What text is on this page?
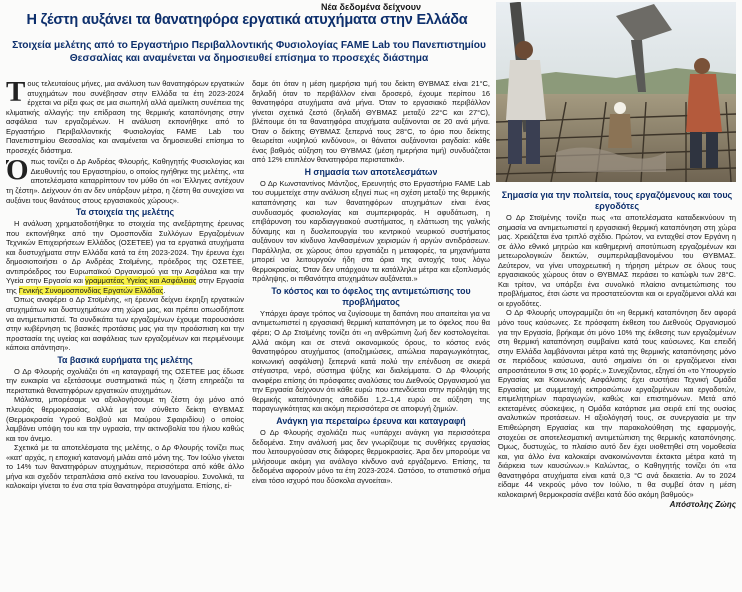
Νέα δεδομένα δείχνουν
Η ζέστη αυξάνει τα θανατηφόρα εργατικά ατυχήματα στην Ελλάδα
Στοιχεία μελέτης από το Εργαστήριο Περιβαλλοντικής Φυσιολογίας FAME Lab του Πανεπιστημίου Θεσσαλίας και αναμένεται να δημοσιευθεί επίσημα το προσεχές διάστημα

Τους τελευταίους μήνες, μια ανάλυση των θανατηφόρων εργατικών ατυχημάτων που συνέβησαν στην Ελλάδα τα έτη 2023-2024 έρχεται να ρίξει φως σε μια σιωπηλή αλλά αμείλικτη συνέπεια της κλιματικής αλλαγής: την επίδραση της θερμικής καταπόνησης στην ασφάλεια των εργαζομένων. Η ανάλυση εκπονήθηκε από το Εργαστήριο Περιβαλλοντικής Φυσιολογίας FAME Lab του Πανεπιστημίου Θεσσαλίας και αναμένεται να δημοσιευθεί επίσημα το προσεχές διάστημα.

Όπως τονίζει ο Δρ Ανδρέας Φλουρής, Καθηγητής Φυσιολογίας και Διευθυντής του Εργαστηρίου, ο οποίος ηγήθηκε της μελέτης, «τα αποτελέσματα καταρρίπτουν τον μύθο ότι «οι Έλληνες αντέχουν τη ζέστη». Δείχνουν ότι αν δεν υπάρξουν μέτρα, η ζέστη θα συνεχίσει να αυξάνει τους θανάτους στους εργασιακούς χώρους».

Τα στοιχεία της μελέτης

Η ανάλυση χρηματοδοτήθηκε το στοιχεία της ανεξάρτητης έρευνας που εκπονήθηκε από την Ομοσπονδία Συλλόγων Εργαζομένων Τεχνικών Επιχειρήσεων Ελλάδος (ΟΣΕΤΕΕ) για τα εργατικά ατυχήματα και δυστυχήματα στην Ελλάδα κατά τα έτη 2023-2024. Την έρευνα έχει δημοσιοποιήσει ο Δρ Ανδρέας Στοϊμένης, πρόεδρος της ΟΣΕΤΕΕ, αντιπρόεδρος του Ευρωπαϊκού Οργανισμού για την Ασφάλεια και την Υγεία στην Εργασία και γραμματέας Υγείας και Ασφάλειας στην Εργασία της Γενικής Συνομοσπονδίας Εργατών Ελλάδας.

Όπως αναφέρει ο Δρ Στοϊμένης, «η έρευνα δείχνει έκρηξη εργατικών ατυχημάτων και δυστυχημάτων στη χώρα μας, και πρέπει οπωσδήποτε να αντιμετωπιστεί. Τα συνδικάτα των εργαζομένων έχουμε παρουσιάσει στην κυβέρνηση τις βασικές προτάσεις μας για την προάσπιση και την προστασία της υγείας και ασφάλειας των εργαζομένων και περιμένουμε κάποια απάντηση».

Τα βασικά ευρήματα της μελέτης

Ο Δρ Φλουρής σχολιάζει ότι «η καταγραφή της ΟΣΕΤΕΕ μας έδωσε την ευκαιρία να εξετάσουμε συστηματικά πώς η ζέστη επηρεάζει τα περιστατικά θανατηφόρων εργατικών ατυχημάτων.

Μάλιστα, μπορέσαμε να αξιολογήσουμε τη ζέστη όχι μόνο από πλευράς θερμοκρασίας, αλλά με τον σύνθετο δείκτη ΘΥΒΜΑΣ (Θερμοκρασία Υγρού Βολβού και Μαύρου Σφαιριδίου) ο οποίος λαμβάνει υπόψη του και την υγρασία, την ακτινοβολία του ήλιου καθώς και τον άνεμο.

Σχετικά με τα αποτελέσματα της μελέτης, ο Δρ Φλουρής τονίζει πως «κατ' αρχάς, η εποχική κατανομή μιλάει από μόνη της. Τον Ιούλιο γίνεται το 14% των θανατηφόρων ατυχημάτων, περισσότερα από κάθε άλλο μήνα και σχεδόν τετραπλάσια από εκείνα του Ιανουαρίου. Συνολικά, τα καλοκαίρι γίνεται το ένα στα τρία θανατηφόρα ατυχήματα. Επίσης, εί-

δαμε ότι όταν η μέση ημερήσια τιμή του δείκτη ΘΥΒΜΑΣ είναι 21°C, δηλαδή όταν το περιβάλλον είναι δροσερό, έχουμε περίπου 16 θανατηφόρα ατυχήματα ανά μήνα. Όταν το εργασιακό περιβάλλον γίνεται σχετικά ζεστό (δηλαδή ΘΥΒΜΑΣ μεταξύ 22°C και 27°C), βλέπουμε ότι τα θανατηφόρα ατυχήματα αυξάνονται σε 20 ανά μήνα. Όταν ο δείκτης ΘΥΒΜΑΣ ξεπερνά τους 28°C, το όριο που δείκτης θεωρείται «υψηλού κινδύνου», οι θάνατοι αυξάνονται ραγδαία: κάθε ένας βαθμός αύξηση του ΘΥΒΜΑΣ (μέση ημερήσια τιμή) συνδυάζεται από 12% επιπλέον θανατηφόρα περιστατικά».

Η σημασία των αποτελεσμάτων

Ο Δρ Κωνσταντίνος Μάντζιος, Ερευνητής στο Εργαστήριο FAME Lab του συμμετείχε στην ανάλυση εξηγεί πως «η σχέση μεταξύ της θερμικής καταπόνησης και των θανατηφόρων ατυχημάτων είναι ένας συνδυασμός φυσιολογίας και συμπεριφοράς. Η αφυδάτωση, η επιβάρυνση του καρδιαγγειακού συστήματος, η ελάττωση της γαλκής δύναμης και η δυσλειτουργία του κεντρικού νευρικού συστήματος αυξάνουν τον κίνδυνο λανθασμένων χειρισμών ή αργών αντιδράσεων. Παράλληλα, σε χώρους όπου εργατιάζει η μεταφορές, τα μηχανήματα μπορεί να λειτουργούν ήδη στα όρια της αντοχής τους λόγω θερμοκρασίας. Όταν δεν υπάρχουν τα κατάλληλα μέτρα και εξοπλισμός πρόληψης, οι πιθανότητα ατυχημάτων αυξάνεται.»

Το κόστος και το όφελος της αντιμετώπισης του προβλήματος

Υπάρχει άραγε τρόπος να ζυγίσουμε τη δαπάνη που απαιτείται για να αντιμετωπιστεί η εργασιακή θερμική καταπόνηση με το όφελος που θα φέρει; Ο Δρ Στοϊμένης τονίζει ότι «η ανθρώπινη ζωή δεν κοστολογείται. Αλλά ακόμη και σε στενά οικονομικούς όρους, το κόστος ενός θανατηφόρου ατυχήματος (αποζημιώσεις, απώλεια παραγωγικότητας, κοινωνική ασφάλιση) ξεπερνά κατά πολύ την επένδυση σε σκιερά στέγαστρα, νερό, σύστημα ψύξης και διαλείμματα. Ο Δρ Φλουρής αναφέρει επίσης ότι πρόσφατες αναλύσεις του Διεθνούς Οργανισμού για την Εργασία δείχνουν ότι κάθε ευρώ που επενδύεται στην πρόληψη της θερμικής καταπόνησης αποδίδει 1,2–1,4 ευρώ σε αύξηση της παραγωγικότητας και ακόμη περισσότερα σε αποφυγή ζημιών.

Ανάγκη για περεταίρω έρευνα και καταγραφή

Ο Δρ Φλουρής σχολιάζει πως «υπάρχει ανάγκη για περισσότερα δεδομένα. Στην ανάλυσή μας δεν γνωρίζουμε τις συνθήκες εργασίας που λειτουργούσαν στις διάφορες θερμοκρασίες. Άρα δεν μπορούμε να μιλήσουμε ακόμη για ανάλογο κίνδυνο ανά εργάζομενο. Επίσης, τα δεδομένα αφορούν μόνο τα έτη 2023-2024. Ωστόσο, το στατιστικό σήμα είναι τόσο ισχυρό που δύσκολα αγνοείται».

Σημασία για την πολιτεία, τους εργαζόμενους και τους εργοδότες

Ο Δρ Στοϊμένης τονίζει πως «τα αποτελέσματα καταδεικνύουν τη σημασία να αντιμετωπιστεί η εργασιακή θερμική καταπόνηση στη χώρα μας. Χρειάζεται ένα τριπλό σχέδιο. Πρώτον, να ενταχθεί στον Εργάνη η σε άλλο εθνικό μητρώο και καθημερινή αποτύπωση εργαζομένων και μετεωρολογικών δεικτών, συμπεριλαμβανομένου του ΘΥΒΜΑΣ. Δεύτερον, να γίνει υποχρεωτική η τήρηση μέτρων σε όλους τους εργασιακούς χώρους όταν ο ΘΥΒΜΑΣ περάσει το κατώφλι των 28°C. Και τρίτον, να υπάρξει ένα συνολικό πλαίσιο αντιμετώπισης του προβλήματος, έτσι ώστε να προστατεύονται και οι εργαζόμενοι αλλά και οι εργοδότες.

Ο Δρ Φλουρής υπογραμμίζει ότι «η θερμική καταπόνηση δεν αφορά μόνο τους καύσωνες. Σε πρόσφατη έκθεση του Διεθνούς Οργανισμού για την Εργασία, βρήκαμε ότι μόνο 10% της έκθεσης των εργαζομένων στη θερμική καταπόνηση συμβαίνει κατά τους καύσωνες. Και επειδή στην Ελλάδα λαμβάνονται μέτρα κατά της θερμικής καταπόνησης μόνο σε περιόδους καύσωνα, αυτό σημαίνει ότι οι εργαζόμενοι είναι απροστάτευτοι 9 στις 10 φορές.» Συνεχίζοντας, εξηγεί ότι «το Υπουργείο Εργασίας και Κοινωνικής Ασφάλισης έχει συστήσει Τεχνική Ομάδα Εργασίας με συμμετοχή εκπροσώπων εργαζομένων και εργοδοτών, επιμελητηρίων παραγωγών, καθώς και επιστημόνων. Μετά από εκτεταμένες σύσκεψεις, η Ομάδα κατάρτισε μια σειρά επί της ουσίας αναλυτικών προτάσεων. Η αξιολόγησή τους, σε συνεργασία με την Επιθεώρηση Εργασίας και την παρακολούθηση της εφαρμογής, στοχεύει σε αποτελεσματική αντιμετώπιση της θερμικής καταπόνησης. Όμως, δυστυχώς, το πλαίσιο αυτό δεν έχει υιοθετηθεί στη νομοθεσία και, για άλλο ένα καλοκαίρι ανακοινώνονται έκτακτα μέτρα κατά τη διάρκεια των καυσώνων.» Καλώντας, ο Καθηγητής τονίζει ότι «τα θανατηφόρα ατυχήματα είναι κατά 0,3 °C ανά δεκαετία. Αν το 2024 είδαμε 44 νεκρούς μόνο τον Ιούλιο, τι θα συμβεί όταν η μέση καλοκαιρινή θερμοκρασία ανέβει κατά δύο ακόμη βαθμούς»

Απόστολης Ζώης
